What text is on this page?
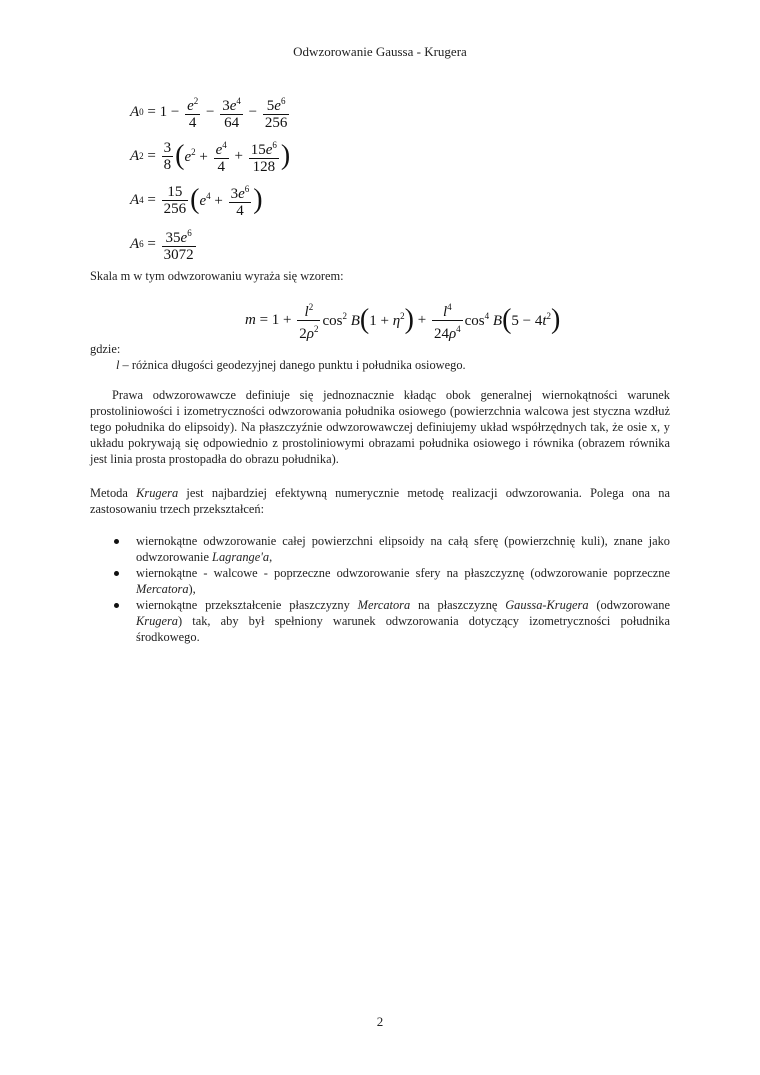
Odwzorowanie Gaussa - Krugera
A $0 = 1 - \frac{e^2}{4} - \frac{3e^4}{64} - \frac{5e^6}{256}$
A $2 = \frac{3}{8}$ ( $e^2 + \frac{e^4}{4} + \frac{15e^6}{128}$ )
A $4 = \frac{15}{256}$ ( $e^4 + \frac{3e^6}{4}$ )
A $6 = \frac{35e^6}{3072}$
Skala m w tym odwzorowaniu wyraża się wzorem:
$m = 1 + \frac{l^2}{2\rho^2} \cos^2 B$ ( $1 + \eta^2$ ) + $\frac{l^4}{24\rho^4} \cos^4 B$ ( $5 - 4t^2$ )
gdzie:
l – różnica długości geodezyjnej danego punktu i południka osiowego.
Prawa odwzorowawcze definiuje się jednoznacznie kładąc obok generalnej wiernokątności warunek prostoliniowości i izometryczności odwzorowania południka osiowego (powierzchnia walcowa jest styczna wzdłuż tego południka do elipsoidy). Na płaszczyźnie odwzorowawczej definiujemy układ współrzędnych tak, że osie x, y układu pokrywają się odpowiednio z prostoliniowymi obrazami południka osiowego i równika (obrazem równika jest linia prosta prostopadła do obrazu południka).
Metoda Krugera jest najbardziej efektywną numerycznie metodę realizacji odwzorowania. Polega ona na zastosowaniu trzech przekształceń:
wiernokątne odwzorowanie całej powierzchni elipsoidy na całą sferę (powierzchnię kuli), znane jako odwzorowanie Lagrange'a,
wiernokątne - walcowe - poprzeczne odwzorowanie sfery na płaszczyznę (odwzorowanie poprzeczne Mercatora),
wiernokątne przekształcenie płaszczyzny Mercatora na płaszczyznę Gaussa-Krugera (odwzorowane Krugera) tak, aby był spełniony warunek odwzorowania dotyczący izometryczności południka środkowego.
2
